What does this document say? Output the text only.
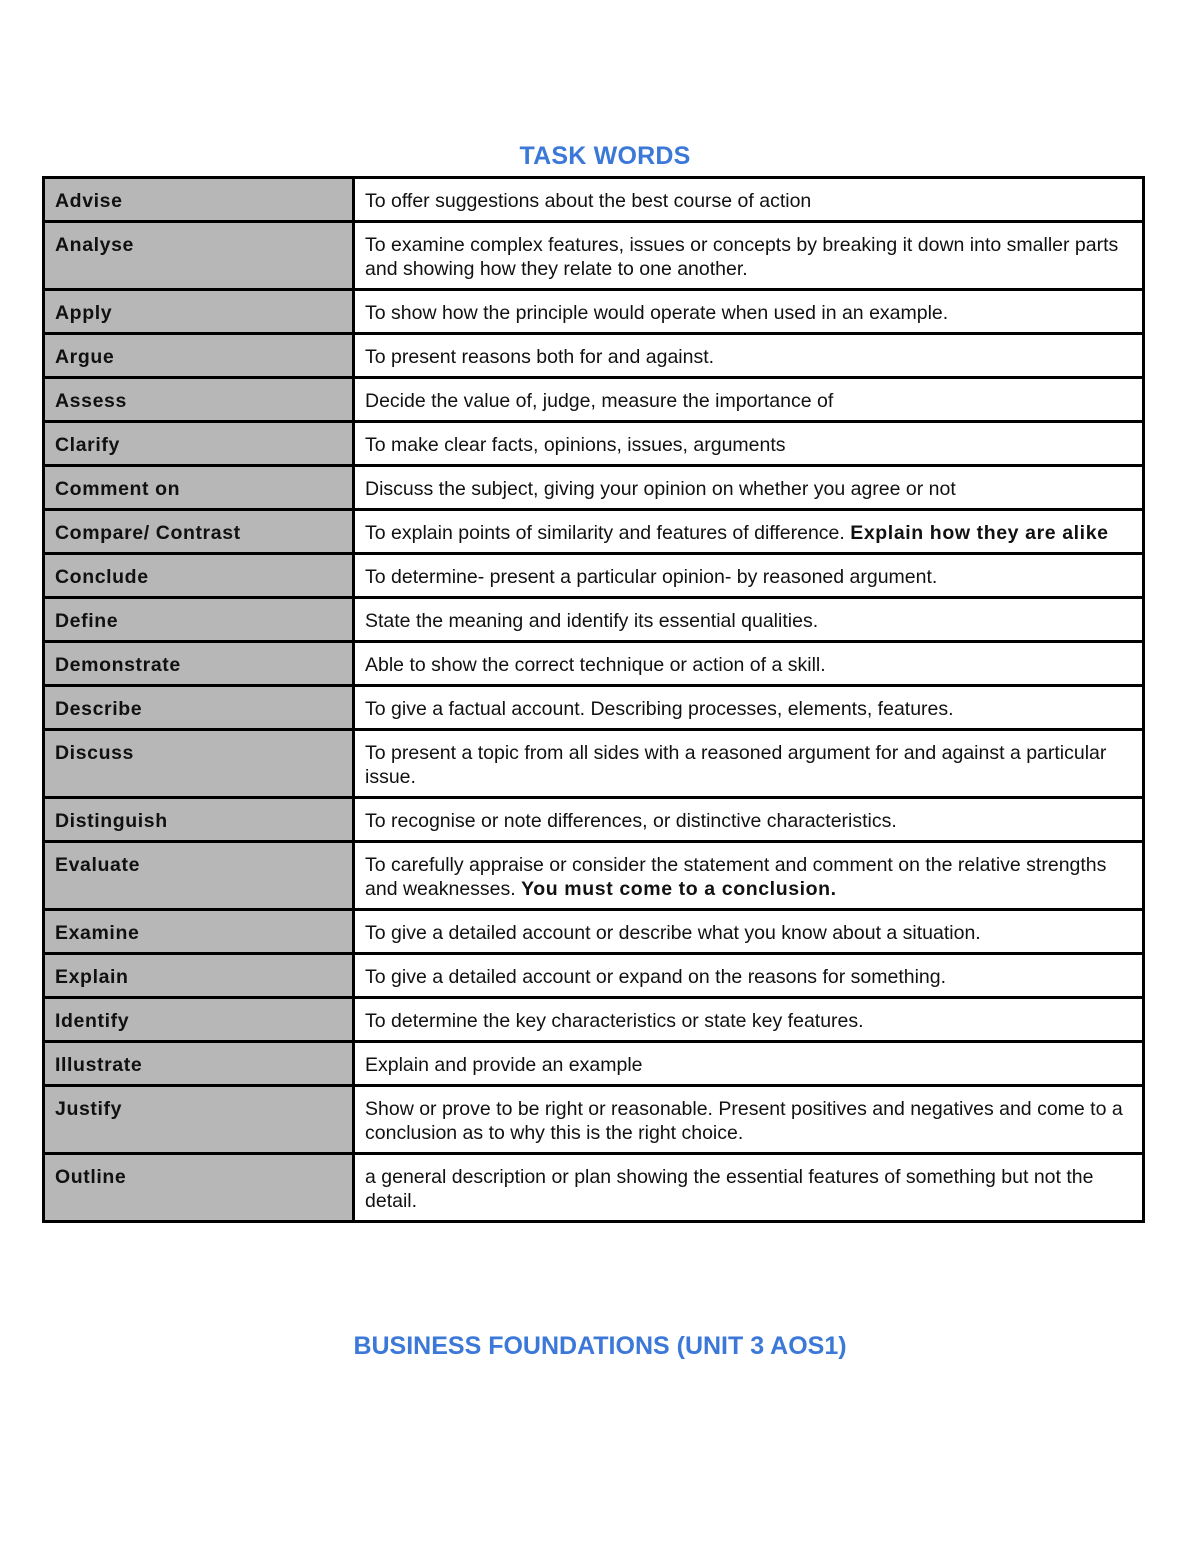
TASK WORDS
Advise	To offer suggestions about the best course of action
Analyse	To examine complex features, issues or concepts by breaking it down into smaller parts and showing how they relate to one another.
Apply	To show how the principle would operate when used in an example.
Argue	To present reasons both for and against.
Assess	Decide the value of, judge, measure the importance of
Clarify	To make clear facts, opinions, issues, arguments
Comment on	Discuss the subject, giving your opinion on whether you agree or not
Compare/ Contrast	To explain points of similarity and features of difference. Explain how they are alike
Conclude	To determine- present a particular opinion- by reasoned argument.
Define	State the meaning and identify its essential qualities.
Demonstrate	Able to show the correct technique or action of a skill.
Describe	To give a factual account. Describing processes, elements, features.
Discuss	To present a topic from all sides with a reasoned argument for and against a particular issue.
Distinguish	To recognise or note differences, or distinctive characteristics.
Evaluate	To carefully appraise or consider the statement and comment on the relative strengths and weaknesses. You must come to a conclusion.
Examine	To give a detailed account or describe what you know about a situation.
Explain	To give a detailed account or expand on the reasons for something.
Identify	To determine the key characteristics or state key features.
Illustrate	Explain and provide an example
Justify	Show or prove to be right or reasonable. Present positives and negatives and come to a conclusion as to why this is the right choice.
Outline	a general description or plan showing the essential features of something but not the detail.
BUSINESS FOUNDATIONS (UNIT 3 AOS1)
